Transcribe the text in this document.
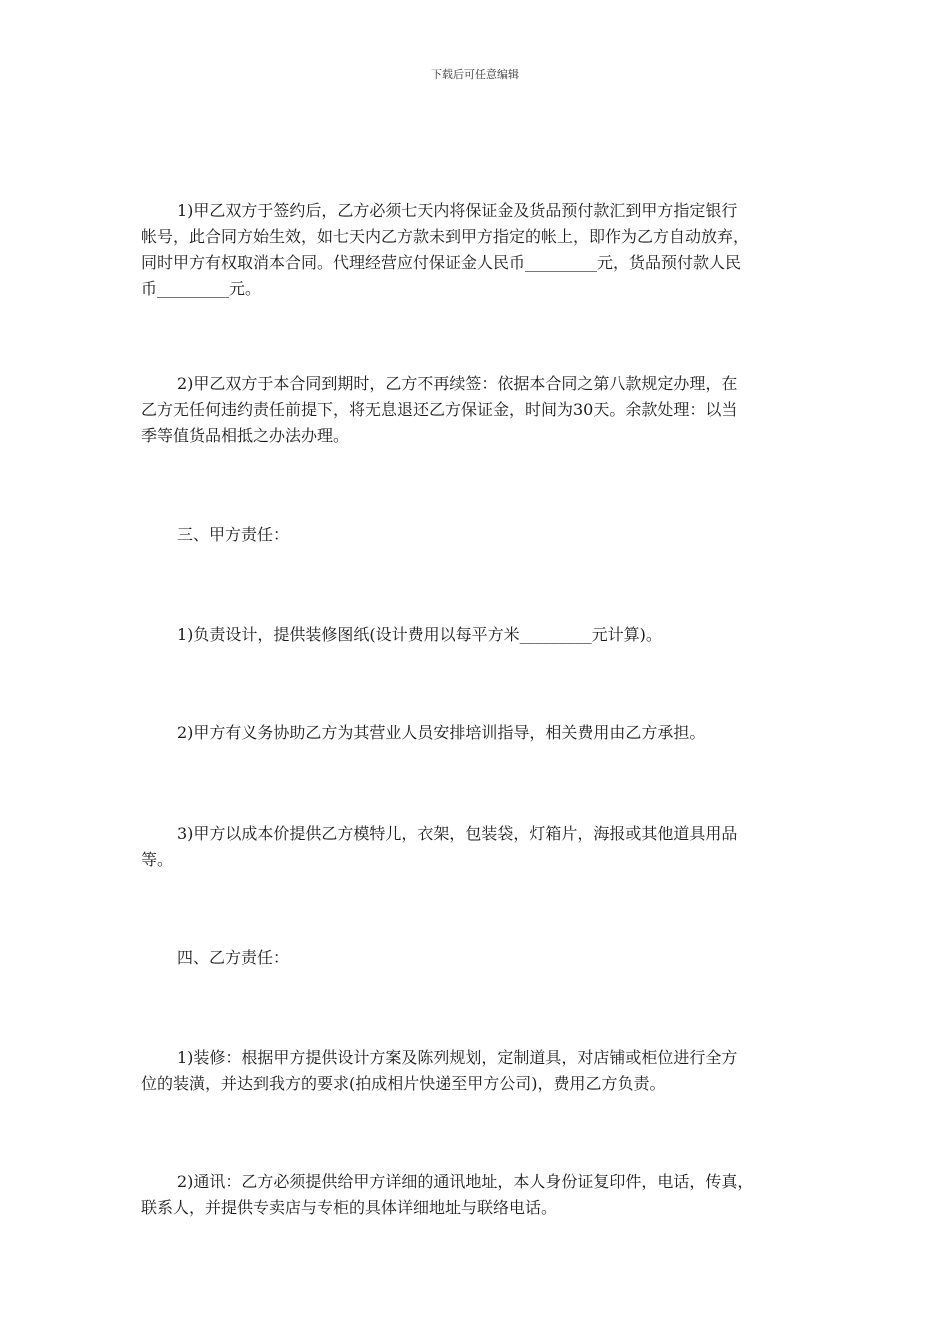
下载后可任意编辑
1)甲乙双方于签约后，乙方必须七天内将保证金及货品预付款汇到甲方指定银行
帐号，此合同方始生效，如七天内乙方款未到甲方指定的帐上，即作为乙方自动放弃，
同时甲方有权取消本合同。代理经营应付保证金人民币_________元，货品预付款人民
币_________元。
2)甲乙双方于本合同到期时，乙方不再续签：依据本合同之第八款规定办理，在
乙方无任何违约责任前提下，将无息退还乙方保证金，时间为30天。余款处理：以当
季等值货品相抵之办法办理。
三、甲方责任：
1)负责设计，提供装修图纸(设计费用以每平方米_________元计算)。
2)甲方有义务协助乙方为其营业人员安排培训指导，相关费用由乙方承担。
3)甲方以成本价提供乙方模特儿，衣架，包装袋，灯箱片，海报或其他道具用品
等。
四、乙方责任：
1)装修：根据甲方提供设计方案及陈列规划，定制道具，对店铺或柜位进行全方
位的装潢，并达到我方的要求(拍成相片快递至甲方公司)，费用乙方负责。
2)通讯：乙方必须提供给甲方详细的通讯地址，本人身份证复印件，电话，传真，
联系人，并提供专卖店与专柜的具体详细地址与联络电话。
